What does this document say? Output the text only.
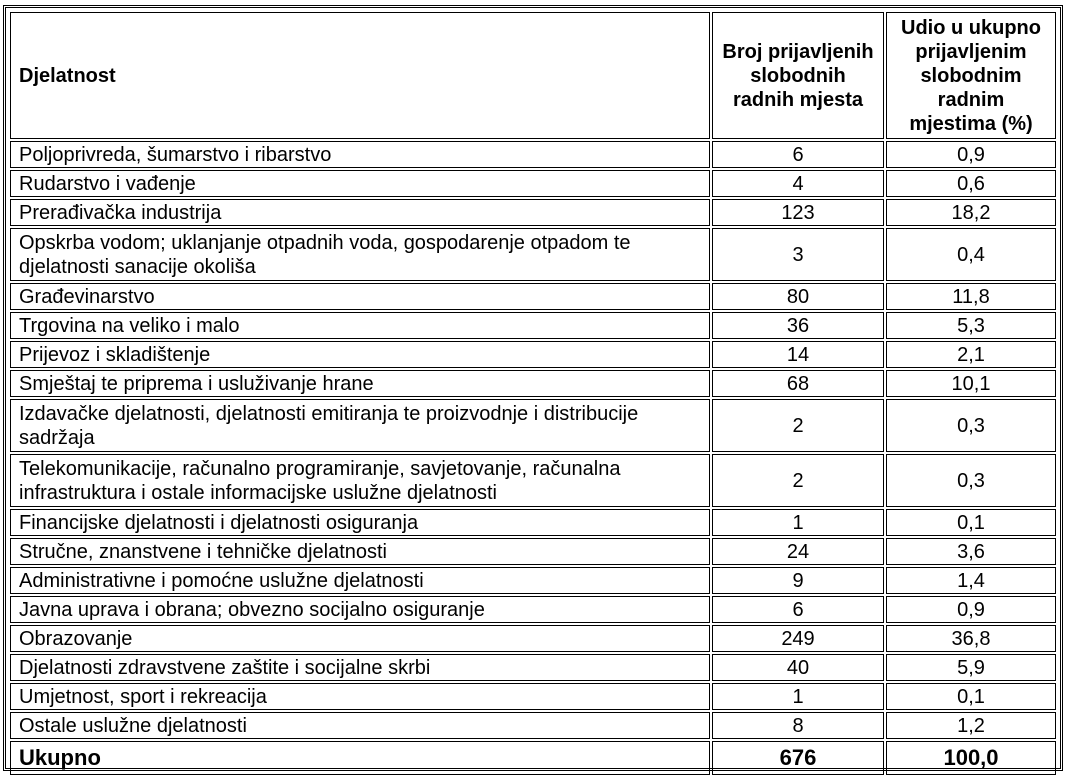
Djelatnost	Broj prijavljenih slobodnih radnih mjesta	Udio u ukupno prijavljenim slobodnim radnim mjestima (%)
Poljoprivreda, šumarstvo i ribarstvo	6	0,9
Rudarstvo i vađenje	4	0,6
Prerađivačka industrija	123	18,2
Opskrba vodom; uklanjanje otpadnih voda, gospodarenje otpadom te djelatnosti sanacije okoliša	3	0,4
Građevinarstvo	80	11,8
Trgovina na veliko i malo	36	5,3
Prijevoz i skladištenje	14	2,1
Smještaj te priprema i usluživanje hrane	68	10,1
Izdavačke djelatnosti, djelatnosti emitiranja te proizvodnje i distribucije sadržaja	2	0,3
Telekomunikacije, računalno programiranje, savjetovanje, računalna infrastruktura i ostale informacijske uslužne djelatnosti	2	0,3
Financijske djelatnosti i djelatnosti osiguranja	1	0,1
Stručne, znanstvene i tehničke djelatnosti	24	3,6
Administrativne i pomoćne uslužne djelatnosti	9	1,4
Javna uprava i obrana; obvezno socijalno osiguranje	6	0,9
Obrazovanje	249	36,8
Djelatnosti zdravstvene zaštite i socijalne skrbi	40	5,9
Umjetnost, sport i rekreacija	1	0,1
Ostale uslužne djelatnosti	8	1,2
Ukupno	676	100,0
